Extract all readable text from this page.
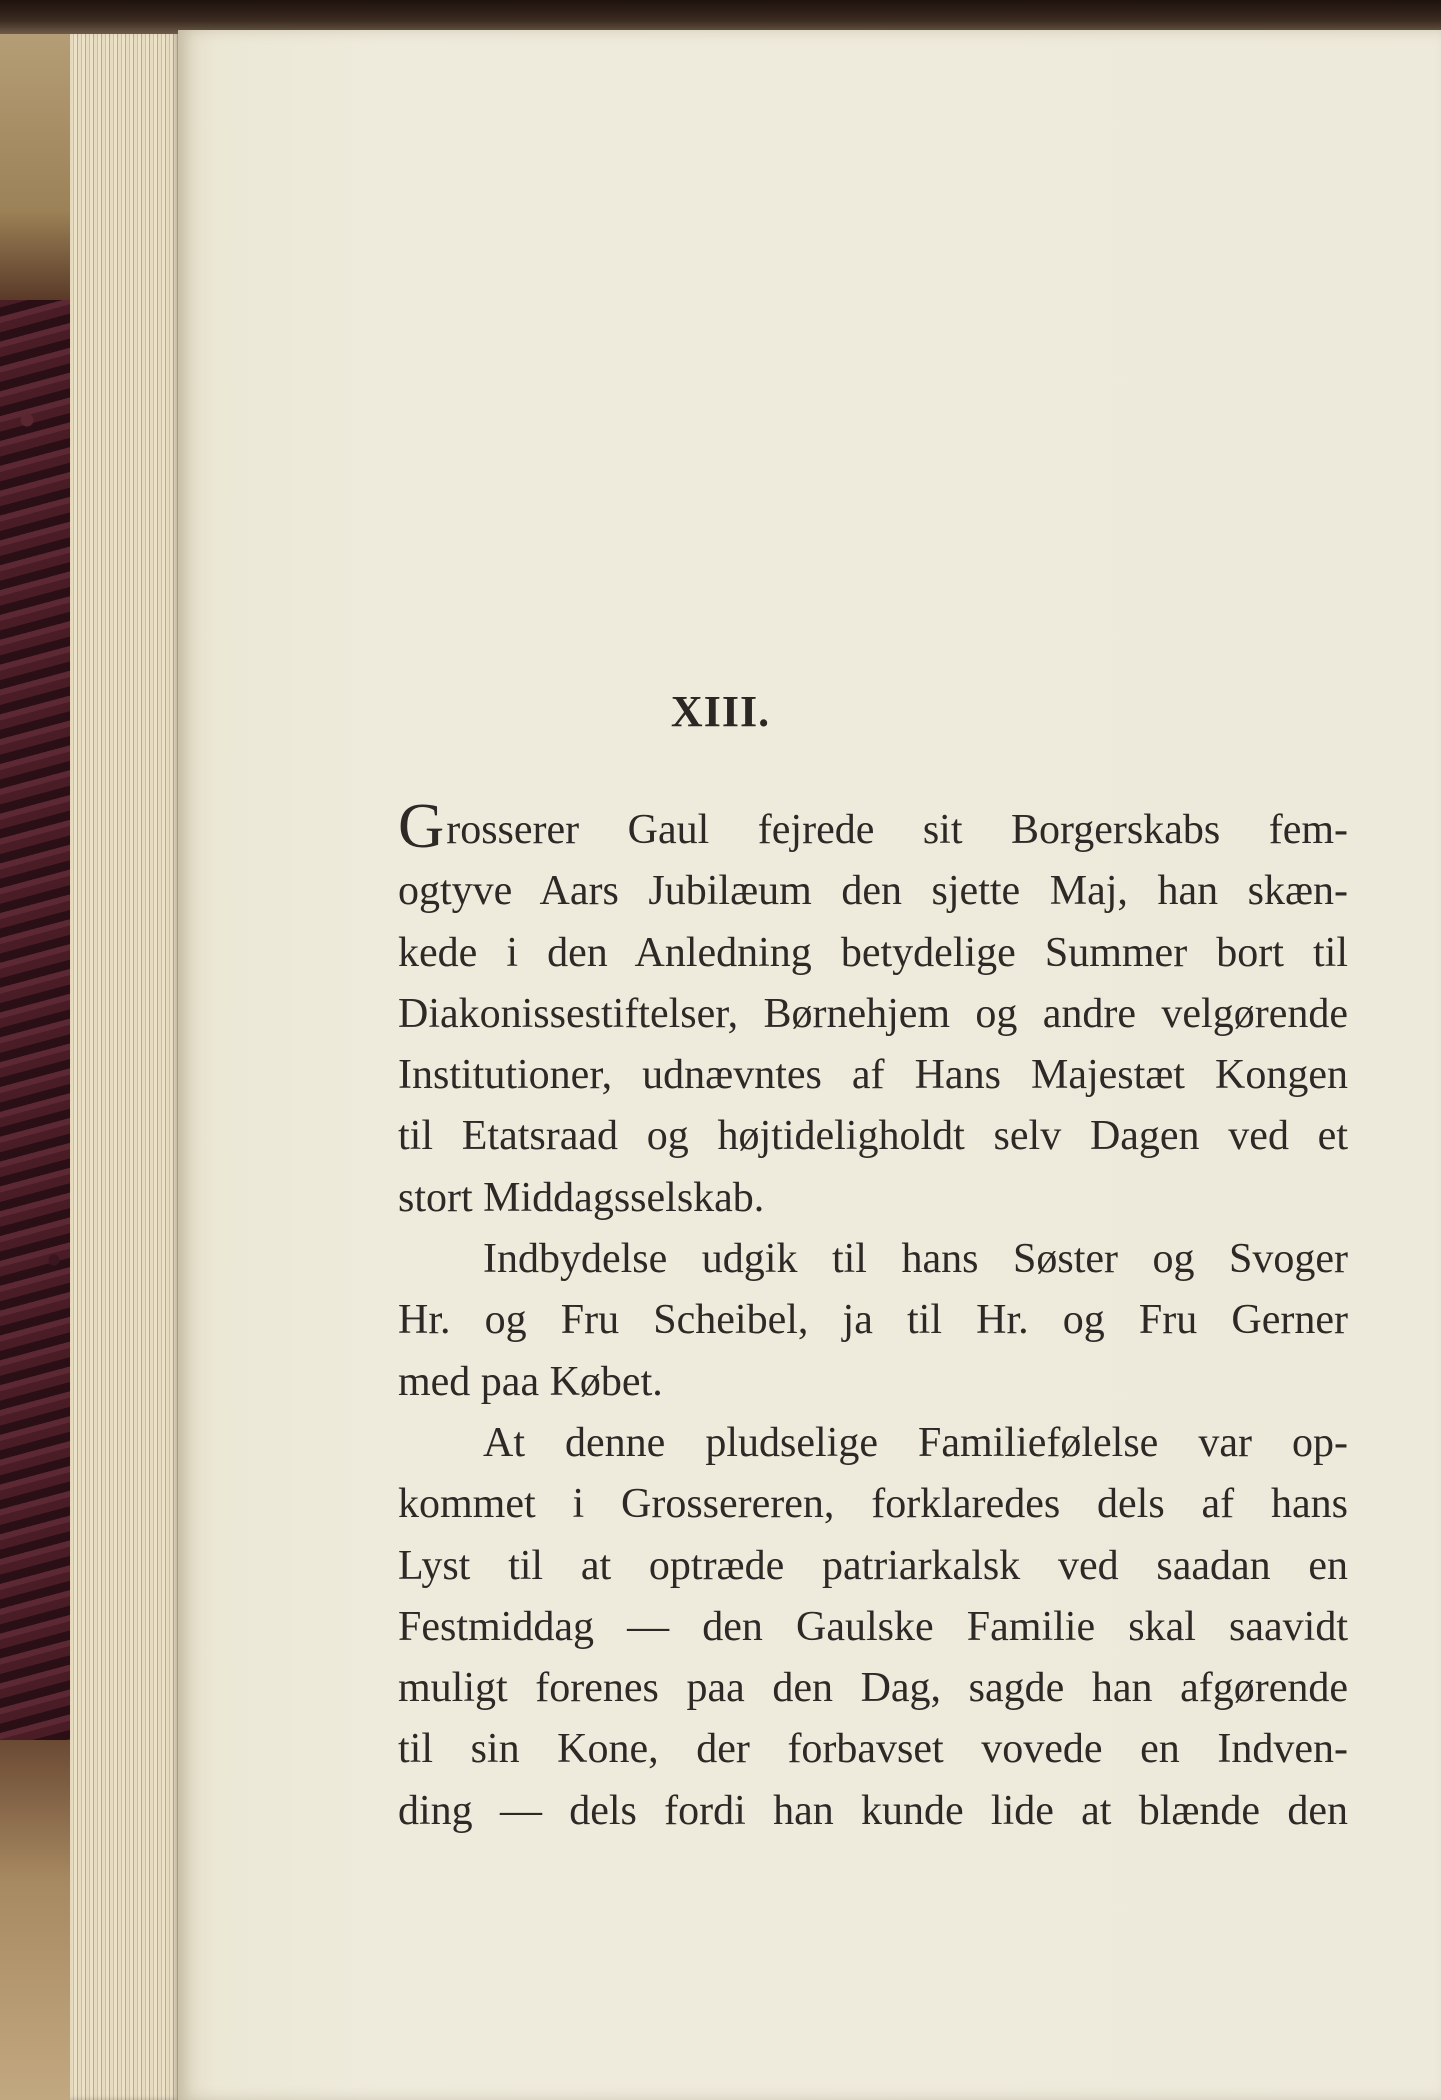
XIII.
Grosserer Gaul fejrede sit Borgerskabs fem-
ogtyve Aars Jubilæum den sjette Maj, han skæn-
kede i den Anledning betydelige Summer bort til
Diakonissestiftelser, Børnehjem og andre velgørende
Institutioner, udnævntes af Hans Majestæt Kongen
til Etatsraad og højtideligholdt selv Dagen ved et
stort Middagsselskab.
Indbydelse udgik til hans Søster og Svoger
Hr. og Fru Scheibel, ja til Hr. og Fru Gerner
med paa Købet.
At denne pludselige Familiefølelse var op-
kommet i Grossereren, forklaredes dels af hans
Lyst til at optræde patriarkalsk ved saadan en
Festmiddag — den Gaulske Familie skal saavidt
muligt forenes paa den Dag, sagde han afgørende
til sin Kone, der forbavset vovede en Indven-
ding — dels fordi han kunde lide at blænde den
